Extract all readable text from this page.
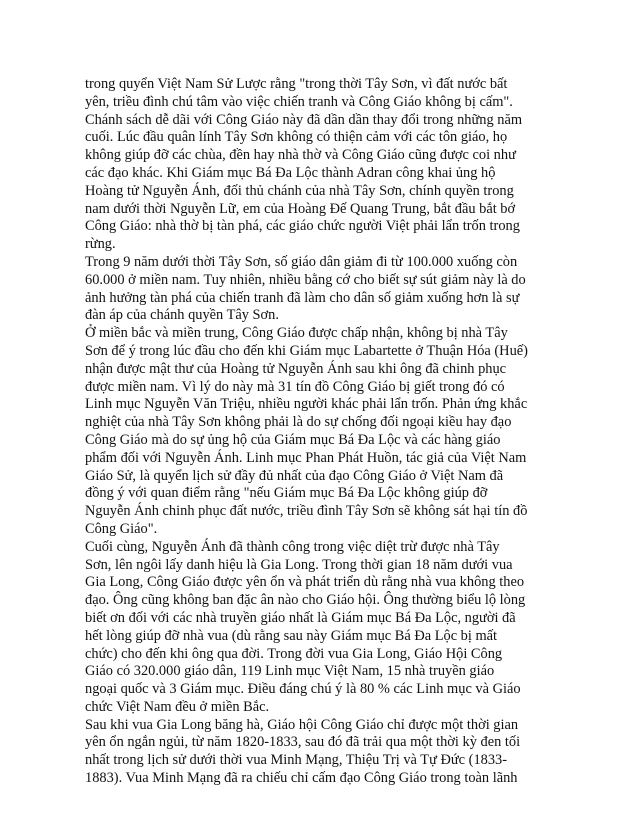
trong quyển Việt Nam Sử Lược rằng "trong thời Tây Sơn, vì đất nước bất
yên, triều đình chú tâm vào việc chiến tranh và Công Giáo không bị cấm".
Chánh sách dễ dãi với Công Giáo này đã dần dần thay đổi trong những năm
cuối. Lúc đầu quân lính Tây Sơn không có thiện cảm với các tôn giáo, họ
không giúp đỡ các chùa, đền hay nhà thờ và Công Giáo cũng được coi như
các đạo khác. Khi Giám mục Bá Đa Lộc thành Adran công khai ủng hộ
Hoàng tử Nguyễn Ánh, đối thủ chánh của nhà Tây Sơn, chính quyền trong
nam dưới thời Nguyễn Lữ, em của Hoàng Đế Quang Trung, bắt đầu bắt bớ
Công Giáo: nhà thờ bị tàn phá, các giáo chức người Việt phải lẩn trốn trong
rừng.

Trong 9 năm dưới thời Tây Sơn, số giáo dân giảm đi từ 100.000 xuống còn
60.000 ở miền nam. Tuy nhiên, nhiều bằng cớ cho biết sự sút giảm này là do
ảnh hưởng tàn phá của chiến tranh đã làm cho dân số giảm xuống hơn là sự
đàn áp của chánh quyền Tây Sơn.

Ở miền bắc và miền trung, Công Giáo được chấp nhận, không bị nhà Tây
Sơn để ý trong lúc đầu cho đến khi Giám mục Labartette ở Thuận Hóa (Huế)
nhận được mật thư của Hoàng tử Nguyễn Ánh sau khi ông đã chinh phục
được miền nam. Vì lý do này mà 31 tín đồ Công Giáo bị giết trong đó có
Linh mục Nguyễn Văn Triệu, nhiều người khác phải lẩn trốn. Phản ứng khắc
nghiệt của nhà Tây Sơn không phải là do sự chống đối ngoại kiều hay đạo
Công Giáo mà do sự ủng hộ của Giám mục Bá Đa Lộc và các hàng giáo
phẩm đối với Nguyễn Ánh. Linh mục Phan Phát Huồn, tác giả của Việt Nam
Giáo Sử, là quyển lịch sử đầy đủ nhất của đạo Công Giáo ở Việt Nam đã
đồng ý với quan điểm rằng "nếu Giám mục Bá Đa Lộc không giúp đỡ
Nguyễn Ánh chinh phục đất nước, triều đình Tây Sơn sẽ không sát hại tín đồ
Công Giáo".

Cuối cùng, Nguyễn Ánh đã thành công trong việc diệt trừ được nhà Tây
Sơn, lên ngôi lấy danh hiệu là Gia Long. Trong thời gian 18 năm dưới vua
Gia Long, Công Giáo được yên ổn và phát triển dù rằng nhà vua không theo
đạo. Ông cũng không ban đặc ân nào cho Giáo hội. Ông thường biểu lộ lòng
biết ơn đối với các nhà truyền giáo nhất là Giám mục Bá Đa Lộc, người đã
hết lòng giúp đỡ nhà vua (dù rằng sau này Giám mục Bá Đa Lộc bị mất
chức) cho đến khi ông qua đời. Trong đời vua Gia Long, Giáo Hội Công
Giáo có 320.000 giáo dân, 119 Linh mục Việt Nam, 15 nhà truyền giáo
ngoại quốc và 3 Giám mục. Điều đáng chú ý là 80 % các Linh mục và Giáo
chức Việt Nam đều ở miền Bắc.

Sau khi vua Gia Long băng hà, Giáo hội Công Giáo chỉ được một thời gian
yên ổn ngắn ngủi, từ năm 1820-1833, sau đó đã trải qua một thời kỳ đen tối
nhất trong lịch sử dưới thời vua Minh Mạng, Thiệu Trị và Tự Đức (1833-
1883). Vua Minh Mạng đã ra chiếu chỉ cấm đạo Công Giáo trong toàn lãnh
